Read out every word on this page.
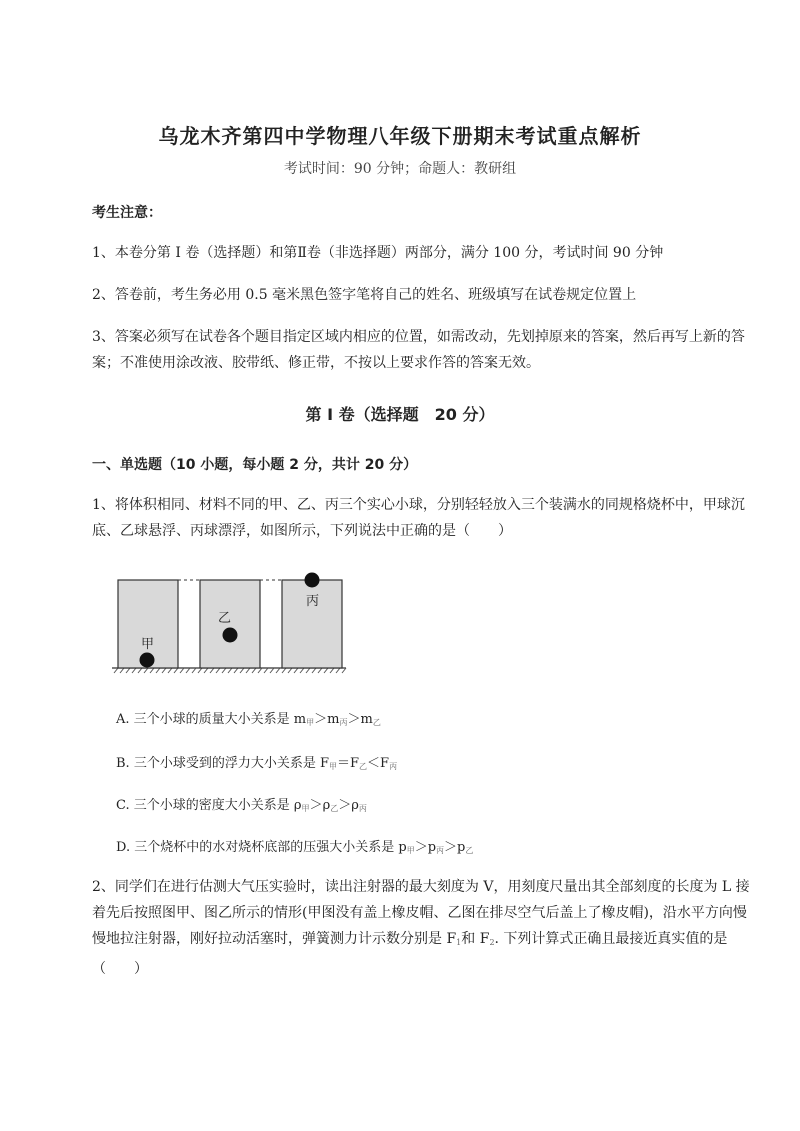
乌龙木齐第四中学物理八年级下册期末考试重点解析
考试时间：90 分钟；命题人：教研组
考生注意：
1、本卷分第 I 卷（选择题）和第Ⅱ卷（非选择题）两部分，满分 100 分，考试时间 90 分钟
2、答卷前，考生务必用 0.5 毫米黑色签字笔将自己的姓名、班级填写在试卷规定位置上
3、答案必须写在试卷各个题目指定区域内相应的位置，如需改动，先划掉原来的答案，然后再写上新的答案；不准使用涂改液、胶带纸、修正带，不按以上要求作答的答案无效。
第 I 卷（选择题　20 分）
一、单选题（10 小题，每小题 2 分，共计 20 分）
1、将体积相同、材料不同的甲、乙、丙三个实心小球，分别轻轻放入三个装满水的同规格烧杯中，甲球沉底、乙球悬浮、丙球漂浮，如图所示，下列说法中正确的是（　　）
甲
乙
丙
A. 三个小球的质量大小关系是 $m_甲>m_丙>m_乙$
B. 三个小球受到的浮力大小关系是 $F_甲=F_乙<F_丙$
C. 三个小球的密度大小关系是 $\rho_甲>\rho_乙>\rho_丙$
D. 三个烧杯中的水对烧杯底部的压强大小关系是 $p_甲>p_丙>p_乙$
2、同学们在进行估测大气压实验时，读出注射器的最大刻度为 V，用刻度尺量出其全部刻度的长度为 L 接着先后按照图甲、图乙所示的情形(甲图没有盖上橡皮帽、乙图在排尽空气后盖上了橡皮帽)，沿水平方向慢慢地拉注射器，刚好拉动活塞时，弹簧测力计示数分别是 $F_1$和 $F_2$. 下列计算式正确且最接近真实值的是（　　）
